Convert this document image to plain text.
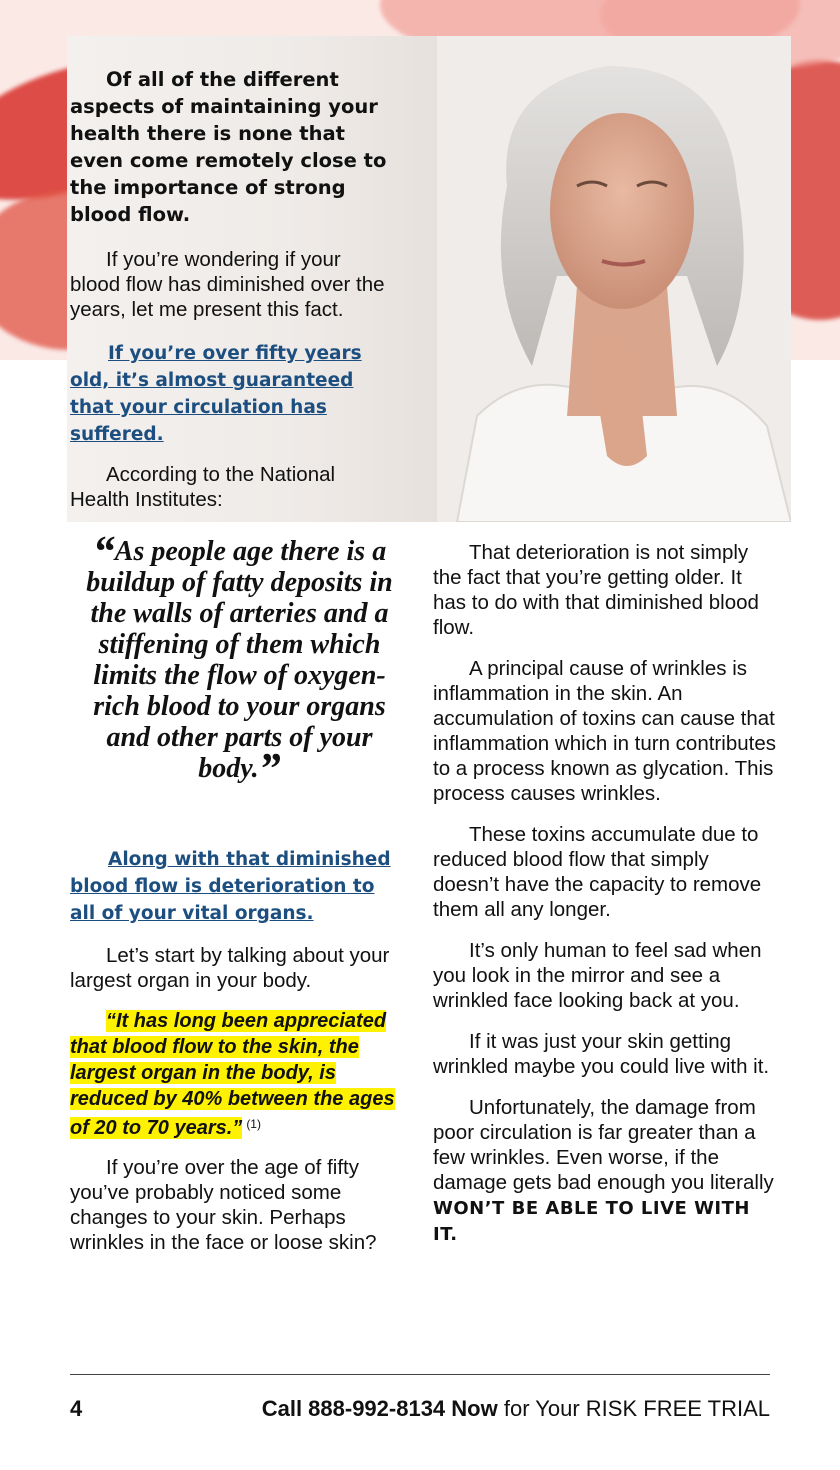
Of all of the different aspects of maintaining your health there is none that even come remotely close to the importance of strong blood flow.

If you’re wondering if your blood flow has diminished over the years, let me present this fact.

If you’re over fifty years old, it’s almost guaranteed that your circulation has suffered.

According to the National Health Institutes:

“As people age there is a buildup of fatty deposits in the walls of arteries and a stiffening of them which limits the flow of oxygen-rich blood to your organs and other parts of your body.”

Along with that diminished blood flow is deterioration to all of your vital organs.

Let’s start by talking about your largest organ in your body.

“It has long been appreciated that blood flow to the skin, the largest organ in the body, is reduced by 40% between the ages of 20 to 70 years.” $^{(1)}$

If you’re over the age of fifty you’ve probably noticed some changes to your skin. Perhaps wrinkles in the face or loose skin?

That deterioration is not simply the fact that you’re getting older. It has to do with that diminished blood flow.

A principal cause of wrinkles is inflammation in the skin. An accumulation of toxins can cause that inflammation which in turn contributes to a process known as glycation. This process causes wrinkles.

These toxins accumulate due to reduced blood flow that simply doesn’t have the capacity to remove them all any longer.

It’s only human to feel sad when you look in the mirror and see a wrinkled face looking back at you.

If it was just your skin getting wrinkled maybe you could live with it.

Unfortunately, the damage from poor circulation is far greater than a few wrinkles. Even worse, if the damage gets bad enough you literally WON’T BE ABLE TO LIVE WITH IT.

4	Call 888-992-8134 Now for Your RISK FREE TRIAL
